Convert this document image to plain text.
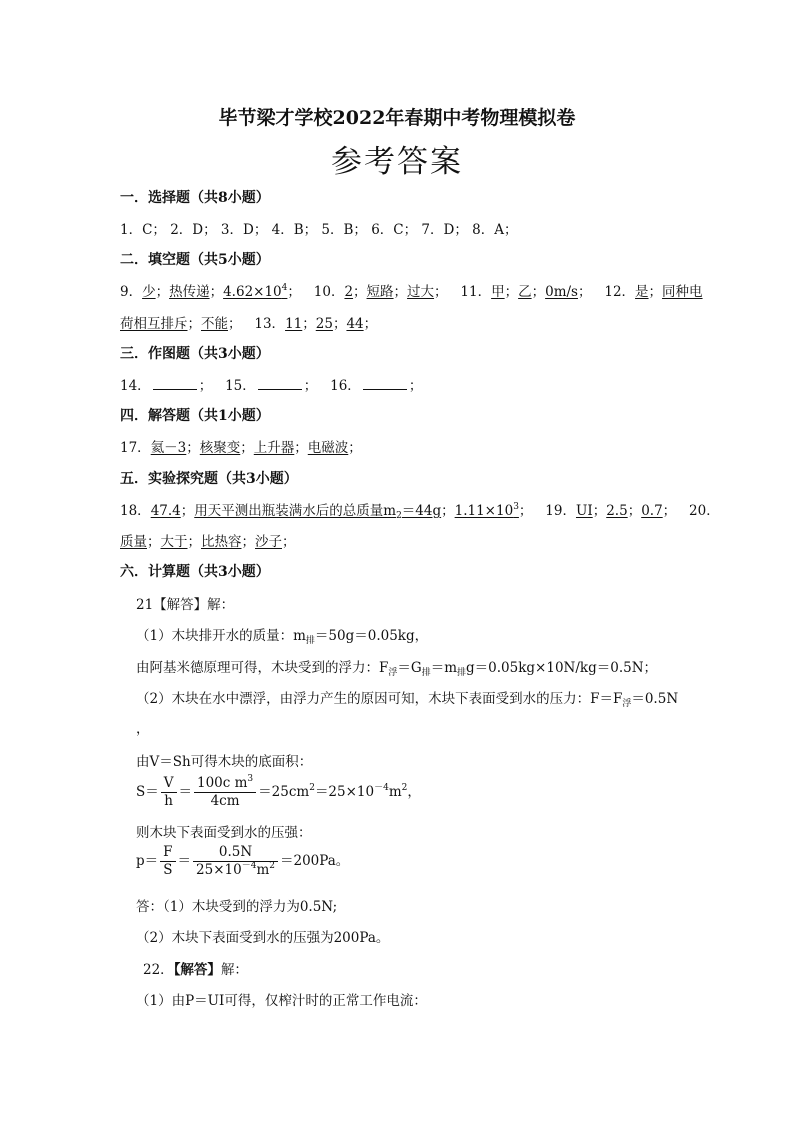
毕节梁才学校2022年春期中考物理模拟卷
参考答案
一．选择题（共8小题）
1．C； 2．D； 3．D； 4．B； 5．B； 6．C； 7．D； 8．A；
二．填空题（共5小题）
9．少；热传递；$4.62\times 10^4$；   10．2；短路；过大；   11．甲；乙；0m/s；   12．是；同种电
荷相互排斥；不能；   13．11；25；44；
三．作图题（共3小题）
14．	；   15．	；   16．	；
四．解答题（共1小题）
17．氦－3；核聚变；上升器；电磁波；
五．实验探究题（共3小题）
18．47.4；用天平测出瓶装满水后的总质量$m_2=44g$；$1.11\times 10^3$；   19．UI；2.5；0.7；   20．
质量；大于；比热容；沙子；
六．计算题（共3小题）
21【解答】解：
（1）木块排开水的质量：$m_排=50g=0.05kg$，
由阿基米德原理可得，木块受到的浮力：$F_浮=G_排=m_排g=0.05kg\times 10N/kg=0.5N$；
（2）木块在水中漂浮，由浮力产生的原因可知，木块下表面受到水的压力：$F=F_浮=0.5N$
，
由V＝Sh可得木块的底面积：
$S= \frac{V}{h} = \frac{100c m^3}{4cm} =25cm^2=25\times 10^{-4}m^2$，
则木块下表面受到水的压强：
$p= \frac{F}{S} = \frac{0.5N}{25\times 10^{-4}m^2} =200Pa$。
答：（1）木块受到的浮力为0.5N;
（2）木块下表面受到水的压强为200Pa。
22．【解答】解：
（1）由P＝UI可得，仅榨汁时的正常工作电流：
